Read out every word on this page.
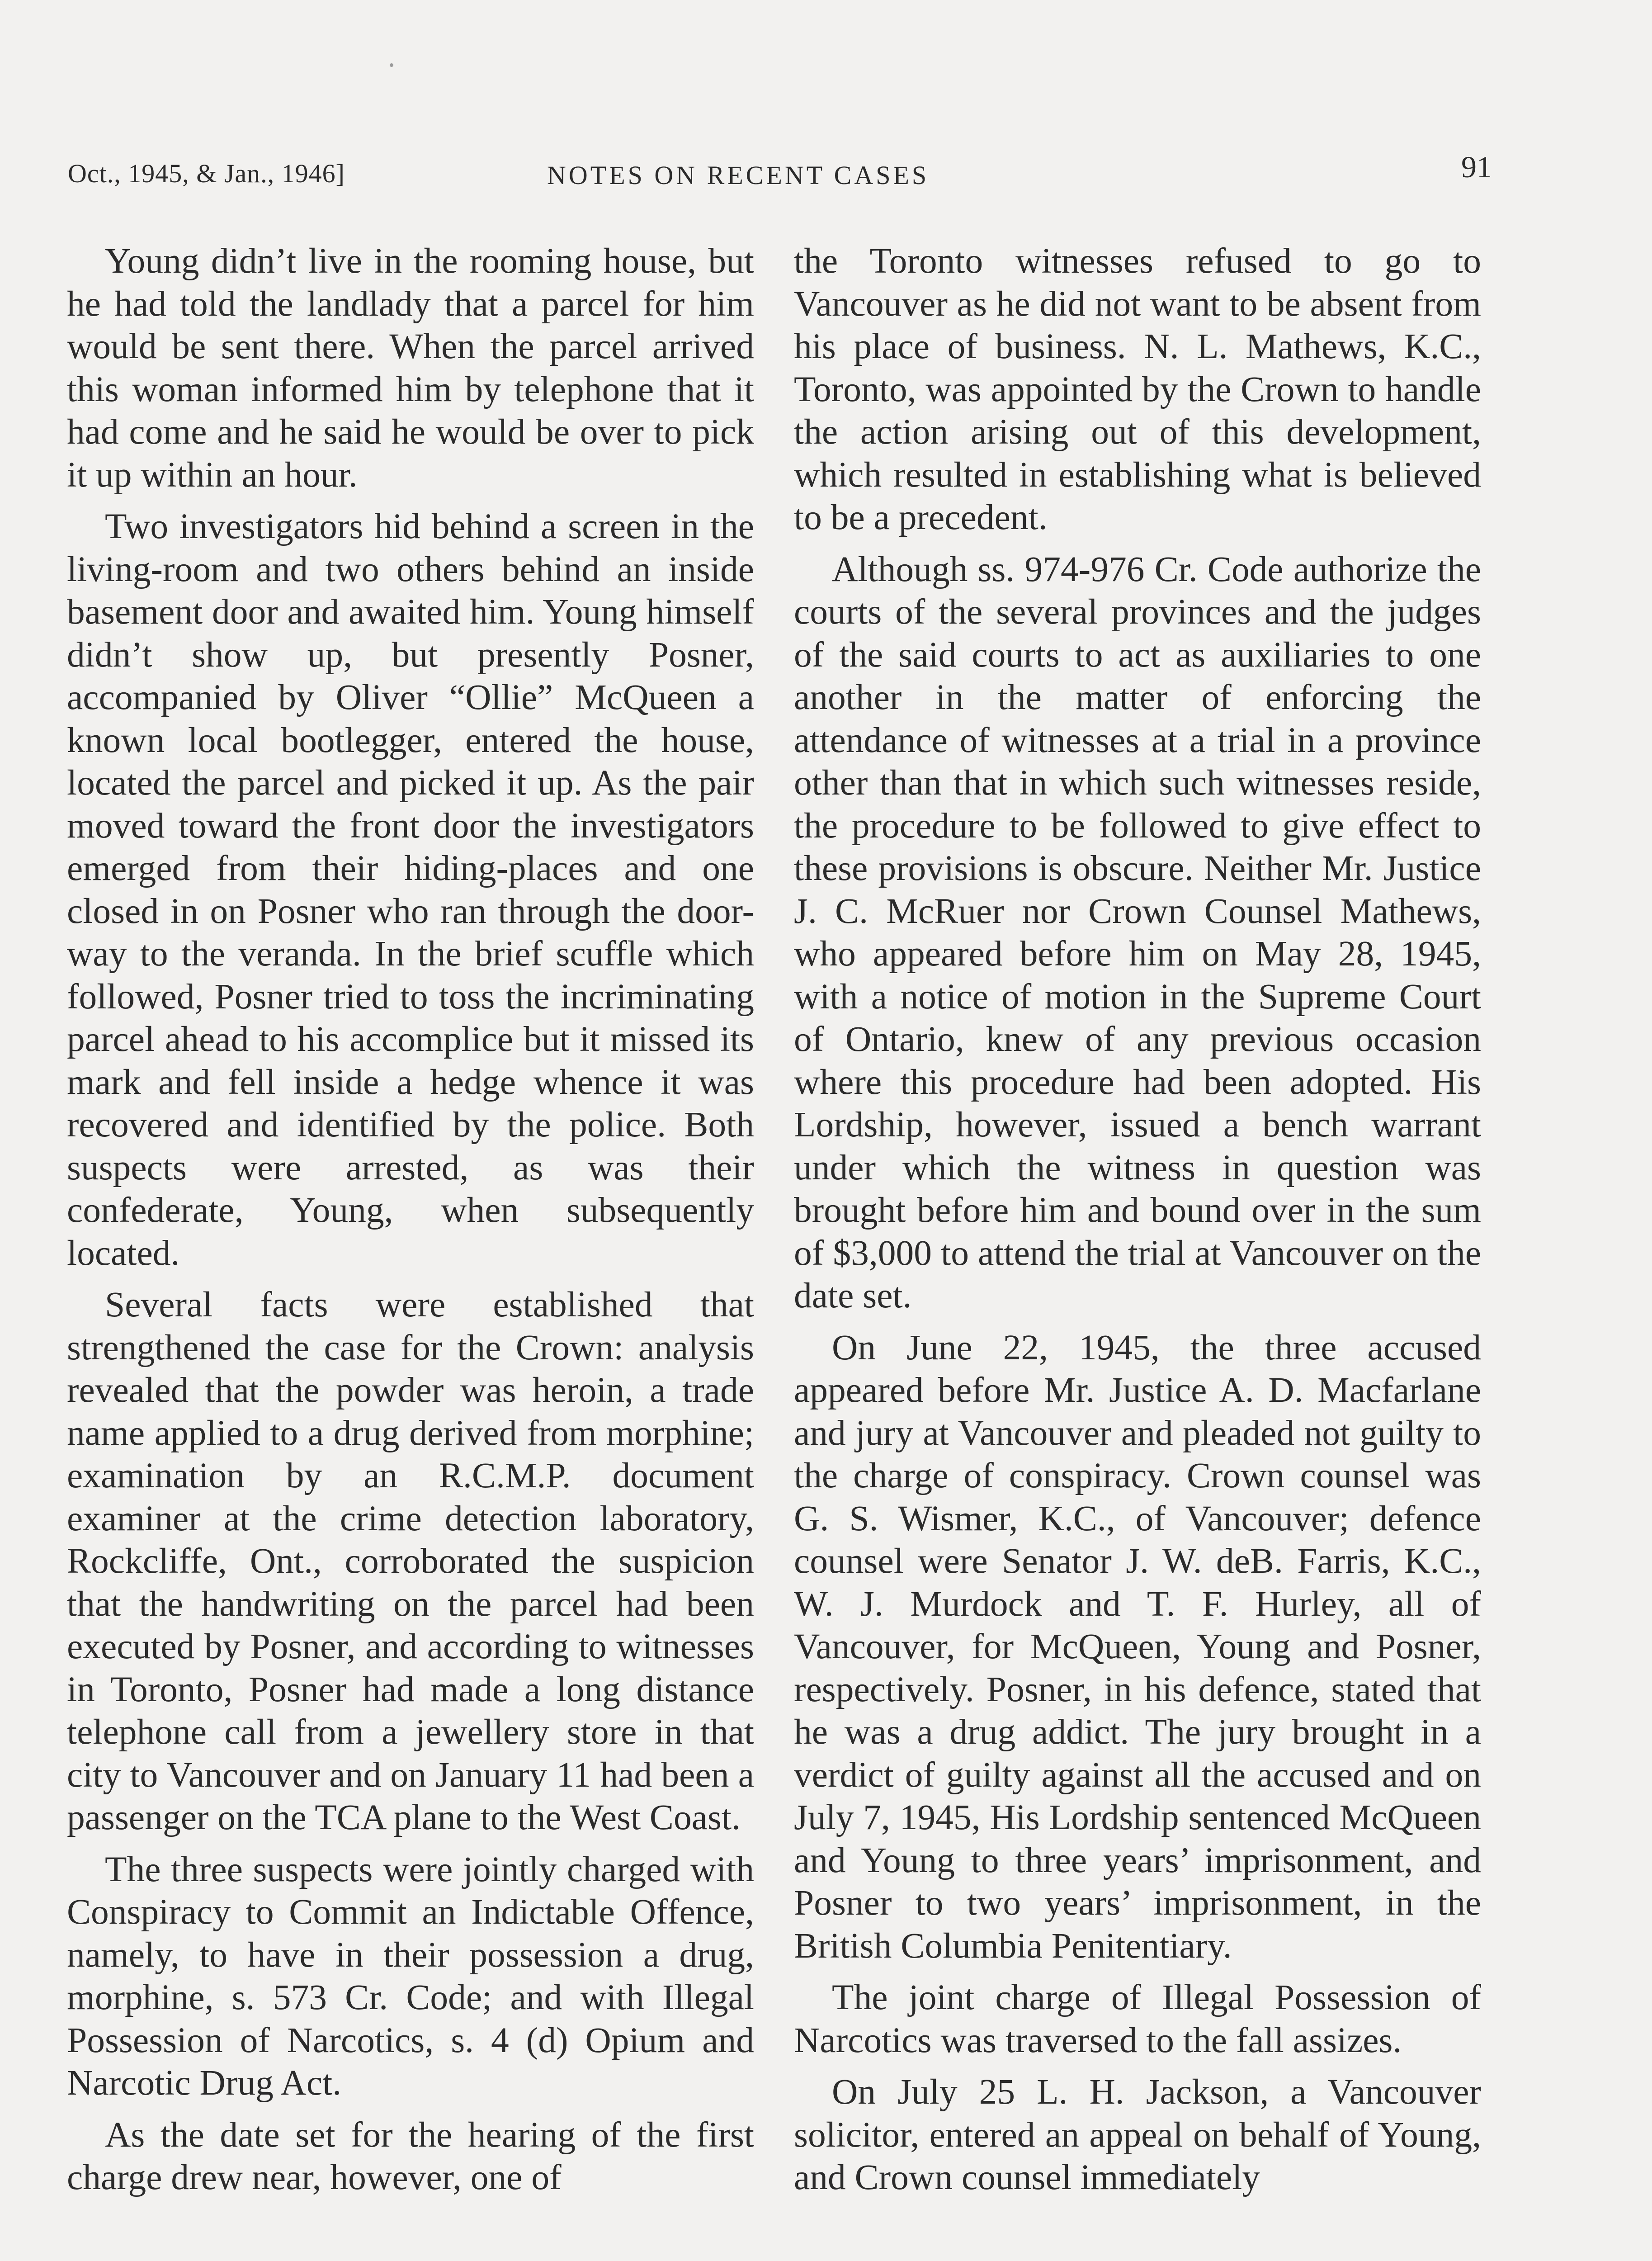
Oct., 1945, & Jan., 1946]	NOTES ON RECENT CASES	91

Young didn’t live in the rooming house, but he had told the landlady that a parcel for him would be sent there. When the parcel arrived this woman informed him by telephone that it had come and he said he would be over to pick it up within an hour.

Two investigators hid behind a screen in the living-room and two others behind an inside basement door and awaited him. Young himself didn’t show up, but presently Posner, accompanied by Oliver “Ollie” McQueen a known local bootlegger, entered the house, located the parcel and picked it up. As the pair moved toward the front door the investigators emerged from their hiding-places and one closed in on Posner who ran through the door-way to the veranda. In the brief scuffle which followed, Posner tried to toss the incriminating parcel ahead to his accomplice but it missed its mark and fell inside a hedge whence it was recovered and identified by the police. Both suspects were arrested, as was their confederate, Young, when subsequently located.

Several facts were established that strengthened the case for the Crown: analysis revealed that the powder was heroin, a trade name applied to a drug derived from morphine; examination by an R.C.M.P. document examiner at the crime detection laboratory, Rockcliffe, Ont., corroborated the suspicion that the handwriting on the parcel had been executed by Posner, and according to witnesses in Toronto, Posner had made a long distance telephone call from a jewellery store in that city to Vancouver and on January 11 had been a passenger on the TCA plane to the West Coast.

The three suspects were jointly charged with Conspiracy to Commit an Indictable Offence, namely, to have in their possession a drug, morphine, s. 573 Cr. Code; and with Illegal Possession of Narcotics, s. 4 (d) Opium and Narcotic Drug Act.

As the date set for the hearing of the first charge drew near, however, one of

the Toronto witnesses refused to go to Vancouver as he did not want to be absent from his place of business. N. L. Mathews, K.C., Toronto, was appointed by the Crown to handle the action arising out of this development, which resulted in establishing what is believed to be a precedent.

Although ss. 974-976 Cr. Code authorize the courts of the several provinces and the judges of the said courts to act as auxiliaries to one another in the matter of enforcing the attendance of witnesses at a trial in a province other than that in which such witnesses reside, the procedure to be followed to give effect to these provisions is obscure. Neither Mr. Justice J. C. McRuer nor Crown Counsel Mathews, who appeared before him on May 28, 1945, with a notice of motion in the Supreme Court of Ontario, knew of any previous occasion where this procedure had been adopted. His Lordship, however, issued a bench warrant under which the witness in question was brought before him and bound over in the sum of $3,000 to attend the trial at Vancouver on the date set.

On June 22, 1945, the three accused appeared before Mr. Justice A. D. Macfarlane and jury at Vancouver and pleaded not guilty to the charge of conspiracy. Crown counsel was G. S. Wismer, K.C., of Vancouver; defence counsel were Senator J. W. deB. Farris, K.C., W. J. Murdock and T. F. Hurley, all of Vancouver, for McQueen, Young and Posner, respectively. Posner, in his defence, stated that he was a drug addict. The jury brought in a verdict of guilty against all the accused and on July 7, 1945, His Lordship sentenced McQueen and Young to three years’ imprisonment, and Posner to two years’ imprisonment, in the British Columbia Penitentiary.

The joint charge of Illegal Possession of Narcotics was traversed to the fall assizes.

On July 25 L. H. Jackson, a Vancouver solicitor, entered an appeal on behalf of Young, and Crown counsel immediately
